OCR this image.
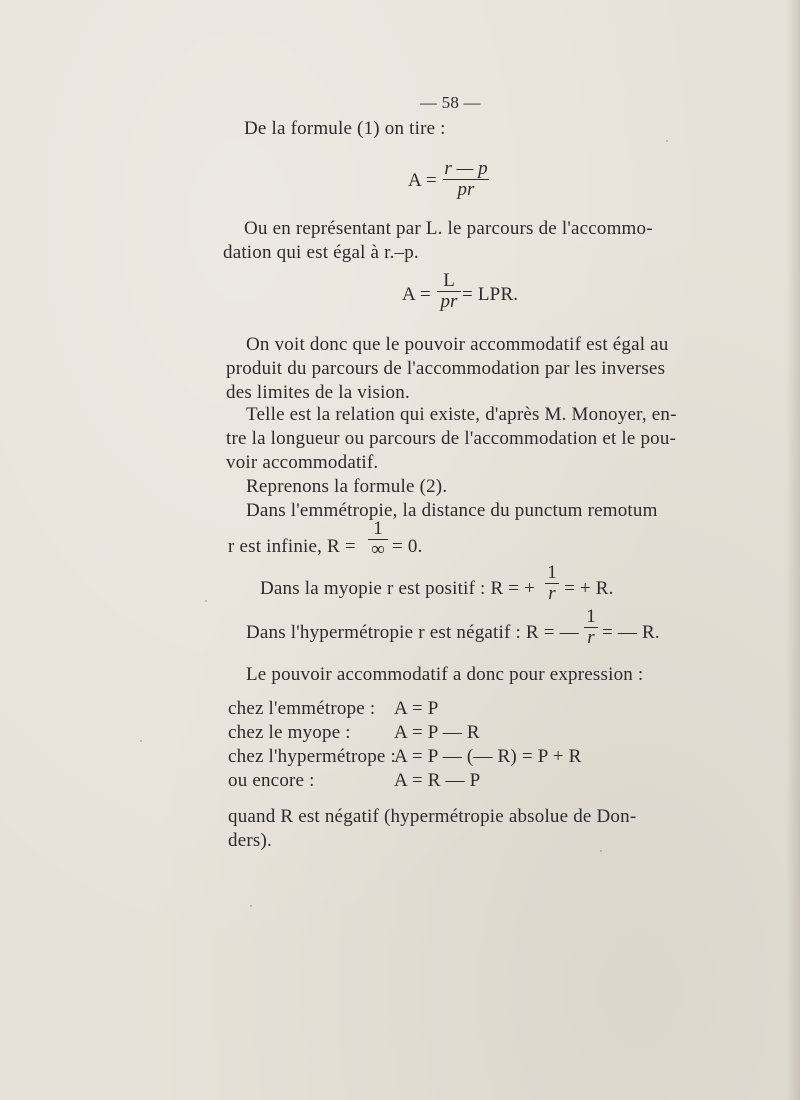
— 58 —
De la formule (1) on tire :
A =
r — p
pr
Ou en représentant par L. le parcours de l'accommo-
dation qui est égal à r.–p.
A =
L
pr = LPR.
On voit donc que le pouvoir accommodatif est égal au
produit du parcours de l'accommodation par les inverses
des limites de la vision.
Telle est la relation qui existe, d'après M. Monoyer, en-
tre la longueur ou parcours de l'accommodation et le pou-
voir accommodatif.
Reprenons la formule (2).
Dans l'emmétropie, la distance du punctum remotum
r est infinie, R =
1
∞ = 0.
Dans la myopie r est positif : R = +
1
r = + R.
Dans l'hypermétropie r est négatif : R = —
1
r = — R.
Le pouvoir accommodatif a donc pour expression :
chez l'emmétrope : A = P
chez le myope : A = P — R
chez l'hypermétrope :
A = P — (— R) = P + R
ou encore :	A = R — P
quand R est négatif (hypermétropie absolue de Don-
ders).
